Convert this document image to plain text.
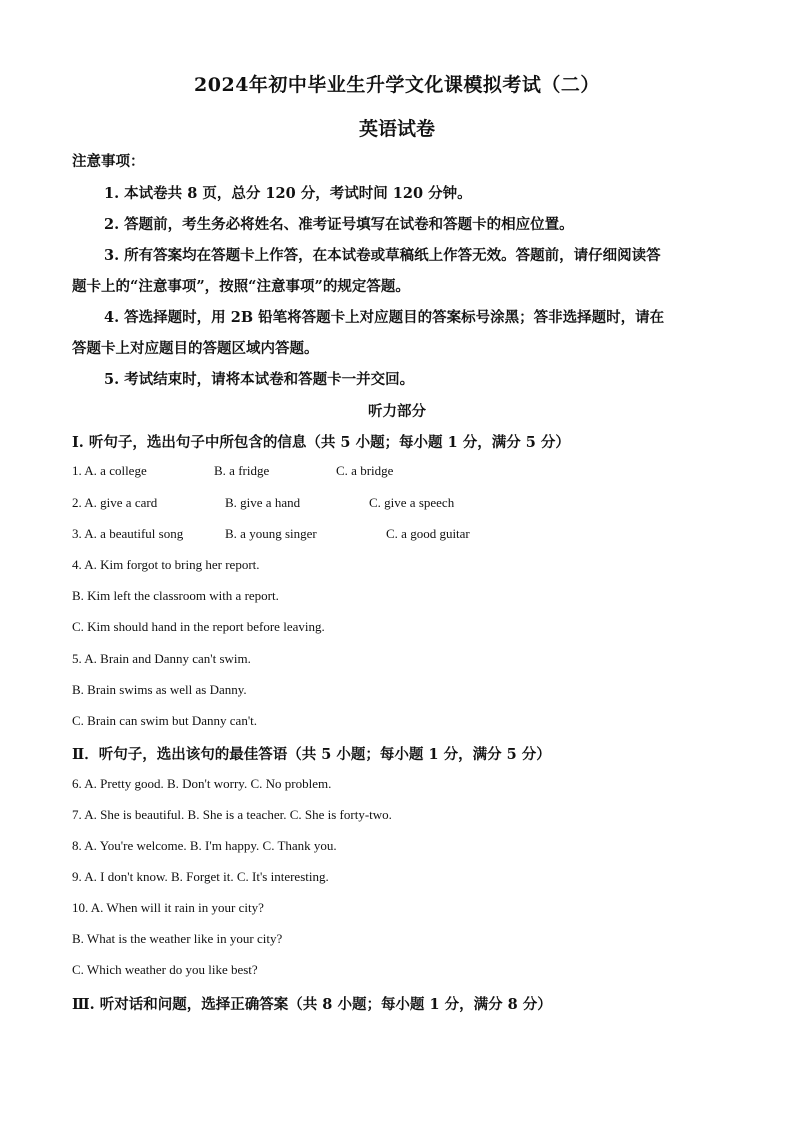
2024年初中毕业生升学文化课模拟考试（二）
英语试卷
注意事项：
1. 本试卷共 8 页，总分 120 分，考试时间 120 分钟。
2. 答题前，考生务必将姓名、准考证号填写在试卷和答题卡的相应位置。
3. 所有答案均在答题卡上作答，在本试卷或草稿纸上作答无效。答题前，请仔细阅读答
题卡上的“注意事项”，按照“注意事项”的规定答题。
4. 答选择题时，用 2B 铅笔将答题卡上对应题目的答案标号涂黑；答非选择题时，请在
答题卡上对应题目的答题区域内答题。
5. 考试结束时，请将本试卷和答题卡一并交回。
听力部分
I. 听句子，选出句子中所包含的信息（共 5 小题；每小题 1 分，满分 5 分）
1. A. a college	B. a fridge	C. a bridge
2. A. give a card	B. give a hand	C. give a speech
3. A. a beautiful song	B. a young singer	C. a good guitar
4. A. Kim forgot to bring her report.
B. Kim left the classroom with a report.
C. Kim should hand in the report before leaving.
5. A. Brain and Danny can't swim.
B. Brain swims as well as Danny.
C. Brain can swim but Danny can't.
Ⅱ．听句子，选出该句的最佳答语（共 5 小题；每小题 1 分，满分 5 分）
6. A. Pretty good. B. Don't worry. C. No problem.
7. A. She is beautiful. B. She is a teacher. C. She is forty-two.
8. A. You're welcome. B. I'm happy. C. Thank you.
9. A. I don't know. B. Forget it. C. It's interesting.
10. A. When will it rain in your city?
B. What is the weather like in your city?
C. Which weather do you like best?
Ⅲ. 听对话和问题，选择正确答案（共 8 小题；每小题 1 分，满分 8 分）
